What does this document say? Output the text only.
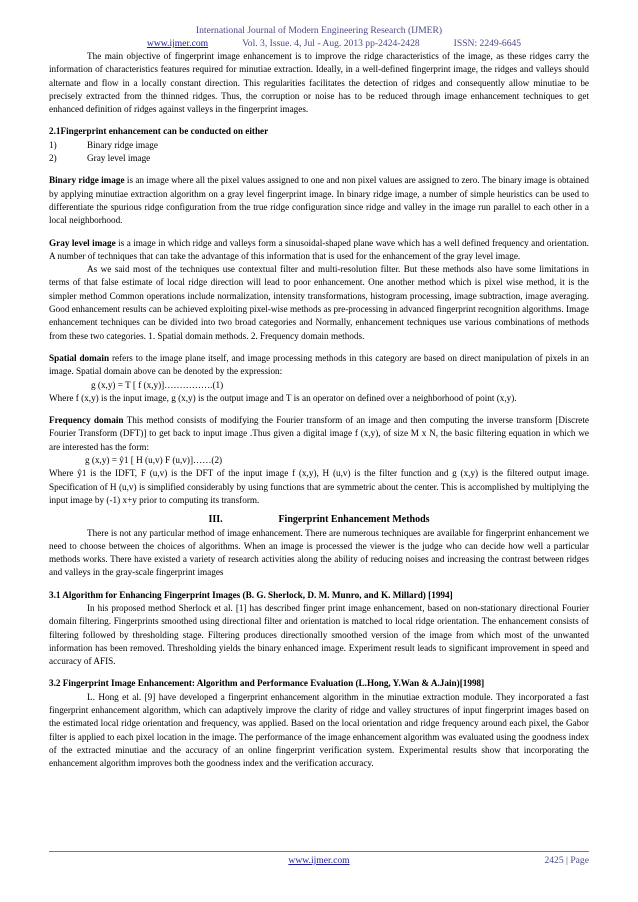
International Journal of Modern Engineering Research (IJMER)
www.ijmer.com	Vol. 3, Issue. 4, Jul - Aug. 2013 pp-2424-2428	ISSN: 2249-6645

The main objective of fingerprint image enhancement is to improve the ridge characteristics of the image, as these ridges carry the information of characteristics features required for minutiae extraction. Ideally, in a well-defined fingerprint image, the ridges and valleys should alternate and flow in a locally constant direction. This regularities facilitates the detection of ridges and consequently allow minutiae to be precisely extracted from the thinned ridges. Thus, the corruption or noise has to be reduced through image enhancement techniques to get enhanced definition of ridges against valleys in the fingerprint images.

2.1Fingerprint enhancement can be conducted on either

1)	Binary ridge image
2)	Gray level image

Binary ridge image is an image where all the pixel values assigned to one and non pixel values are assigned to zero. The binary image is obtained by applying minutiae extraction algorithm on a gray level fingerprint image. In binary ridge image, a number of simple heuristics can be used to differentiate the spurious ridge configuration from the true ridge configuration since ridge and valley in the image run parallel to each other in a local neighborhood.

Gray level image is a image in which ridge and valleys form a sinusoidal-shaped plane wave which has a well defined frequency and orientation. A number of techniques that can take the advantage of this information that is used for the enhancement of the gray level image.

As we said most of the techniques use contextual filter and multi-resolution filter. But these methods also have some limitations in terms of that false estimate of local ridge direction will lead to poor enhancement. One another method which is pixel wise method, it is the simpler method Common operations include normalization, intensity transformations, histogram processing, image subtraction, image averaging. Good enhancement results can be achieved exploiting pixel-wise methods as pre-processing in advanced fingerprint recognition algorithms. Image enhancement techniques can be divided into two broad categories and Normally, enhancement techniques use various combinations of methods from these two categories. 1. Spatial domain methods. 2. Frequency domain methods.

Spatial domain refers to the image plane itself, and image processing methods in this category are based on direct manipulation of pixels in an image. Spatial domain above can be denoted by the expression:

g (x,y) = T [ f (x,y)]…………….(1)

Where f (x,y) is the input image, g (x,y) is the output image and T is an operator on defined over a neighborhood of point (x,y).

Frequency domain This method consists of modifying the Fourier transform of an image and then computing the inverse transform [Discrete Fourier Transform (DFT)] to get back to input image .Thus given a digital image f (x,y), of size M x N, the basic filtering equation in which we are interested has the form:

g (x,y) = ŷ1 [ H (u,v) F (u,v)]……(2)

Where ŷ1 is the IDFT, F (u,v) is the DFT of the input image f (x,y), H (u,v) is the filter function and g (x,y) is the filtered output image. Specification of H (u,v) is simplified considerably by using functions that are symmetric about the center. This is accomplished by multiplying the input image by (-1) x+y prior to computing its transform.

III.	Fingerprint Enhancement Methods

There is not any particular method of image enhancement. There are numerous techniques are available for fingerprint enhancement we need to choose between the choices of algorithms. When an image is processed the viewer is the judge who can decide how well a particular methods works. There have existed a variety of research activities along the ability of reducing noises and increasing the contrast between ridges and valleys in the gray-scale fingerprint images

3.1 Algorithm for Enhancing Fingerprint Images (B. G. Sherlock, D. M. Munro, and K. Millard) [1994]

In his proposed method Sherlock et al. [1] has described finger print image enhancement, based on non-stationary directional Fourier domain filtering. Fingerprints smoothed using directional filter and orientation is matched to local ridge orientation. The enhancement consists of filtering followed by thresholding stage. Filtering produces directionally smoothed version of the image from which most of the unwanted information has been removed. Thresholding yields the binary enhanced image. Experiment result leads to significant improvement in speed and accuracy of AFIS.

3.2 Fingerprint Image Enhancement: Algorithm and Performance Evaluation (L.Hong, Y.Wan & A.Jain)[1998]

L. Hong et al. [9] have developed a fingerprint enhancement algorithm in the minutiae extraction module. They incorporated a fast fingerprint enhancement algorithm, which can adaptively improve the clarity of ridge and valley structures of input fingerprint images based on the estimated local ridge orientation and frequency, was applied. Based on the local orientation and ridge frequency around each pixel, the Gabor filter is applied to each pixel location in the image. The performance of the image enhancement algorithm was evaluated using the goodness index of the extracted minutiae and the accuracy of an online fingerprint verification system. Experimental results show that incorporating the enhancement algorithm improves both the goodness index and the verification accuracy.

www.ijmer.com	2425 | Page
